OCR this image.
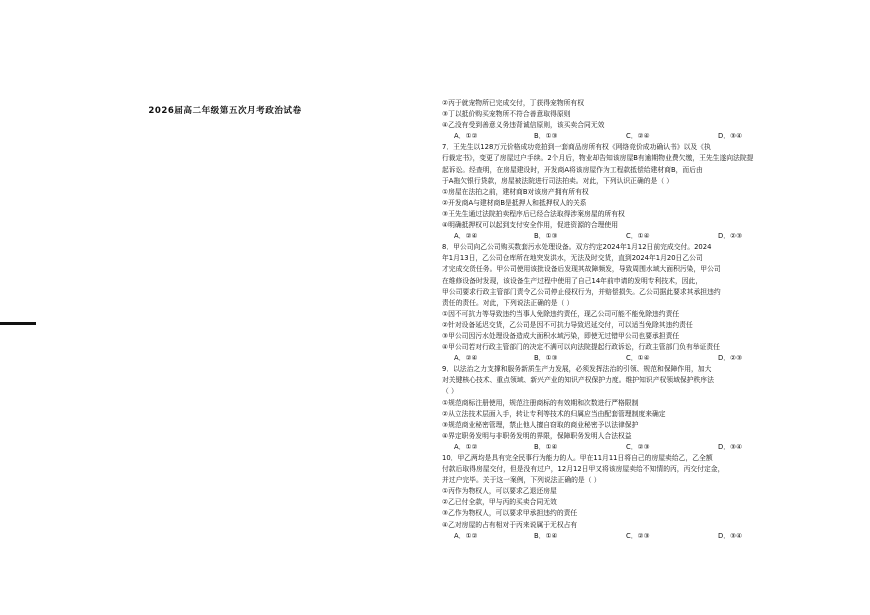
2026届高二年级第五次月考政治试卷
②丙于就宠物所已完成交付，丁获得宠物所有权
③丁以抵价购买宠物所不符合善意取得原则
④乙没有受到善意义务违背诚信原则，该买卖合同无效
A．①②	B．①③	C．②④	D．③④
7．王先生以128万元价格成功竞拍到一套商品房所有权《网络竞价成功确认书》以及《执
行裁定书》，变更了房屋过户手续。2个月后，物业却告知该房屋B有逾期物业费欠缴，王先生遂向法院提
起诉讼。经查明，在房屋建设时，开发商A将该房屋作为工程款抵偿给建材商B，而后由
于A拖欠银行贷款，房屋被法院进行司法拍卖。对此，下列认识正确的是（ ）
①房屋在法拍之前，建材商B对该房产拥有所有权
②开发商A与建材商B是抵押人和抵押权人的关系
③王先生通过法院拍卖程序后已经合法取得涉案房屋的所有权
④明确抵押权可以起到支付安全作用，促进资源的合理使用
A．②④	B．①③	C．①④	D．②③
8．甲公司向乙公司购买数套污水处理设备。双方约定2024年1月12日前完成交付。2024
年1月13日，乙公司仓库所在地突发洪水，无法及时交货，直到2024年1月20日乙公司
才完成交货任务。甲公司使用该批设备后发现其故障频发，导致周围水域大面积污染，甲公司
在维修设备时发现，该设备生产过程中使用了自己14年前申请的发明专利技术，因此，
甲公司要求行政主管部门责令乙公司停止侵权行为，并赔偿损失。乙公司据此要求其承担违约
责任的责任。对此，下列说法正确的是（ ）
①因不可抗力等导致违约当事人免除违约责任，现乙公司可能不能免除违约责任
②针对设备延迟交货，乙公司是因不可抗力导致迟延交付，可以适当免除其违约责任
③甲公司因污水处理设备造成大面积水域污染，即使无过错甲公司也要承担责任
④甲公司若对行政主管部门的决定不满可以向法院提起行政诉讼，行政主管部门负有举证责任
A．②④	B．①③	C．①④	D．②③
9．以法治之力支撑和服务新质生产力发展，必须发挥法治的引领、规范和保障作用，加大
对关键核心技术、重点领域、新兴产业的知识产权保护力度。维护知识产权领域保护秩序法
（ ）
①规范商标注册使用，规范注册商标的有效期和次数进行严格限制
②从立法技术层面入手，转让专利等技术的归属应当由配套管理制度来确定
③规范商业秘密管理，禁止他人擅自窃取的商业秘密予以法律保护
④界定职务发明与非职务发明的界限，保障职务发明人合法权益
A．①②	B．①④	C．②③	D．③④
10．甲乙两均是具有完全民事行为能力的人。甲在11月11日将自己的房屋卖给乙，乙全额
付款后取得房屋交付，但是没有过户，12月12日甲又将该房屋卖给不知情的丙，丙交付定金，
并过户完毕。关于这一案例，下列说法正确的是（ ）
①丙作为物权人，可以要求乙退还房屋
②乙已付全款，甲与丙的买卖合同无效
③乙作为物权人，可以要求甲承担违约的责任
④乙对房屋的占有相对于丙来说属于无权占有
A．①②	B．①④	C．②③	D．③④
